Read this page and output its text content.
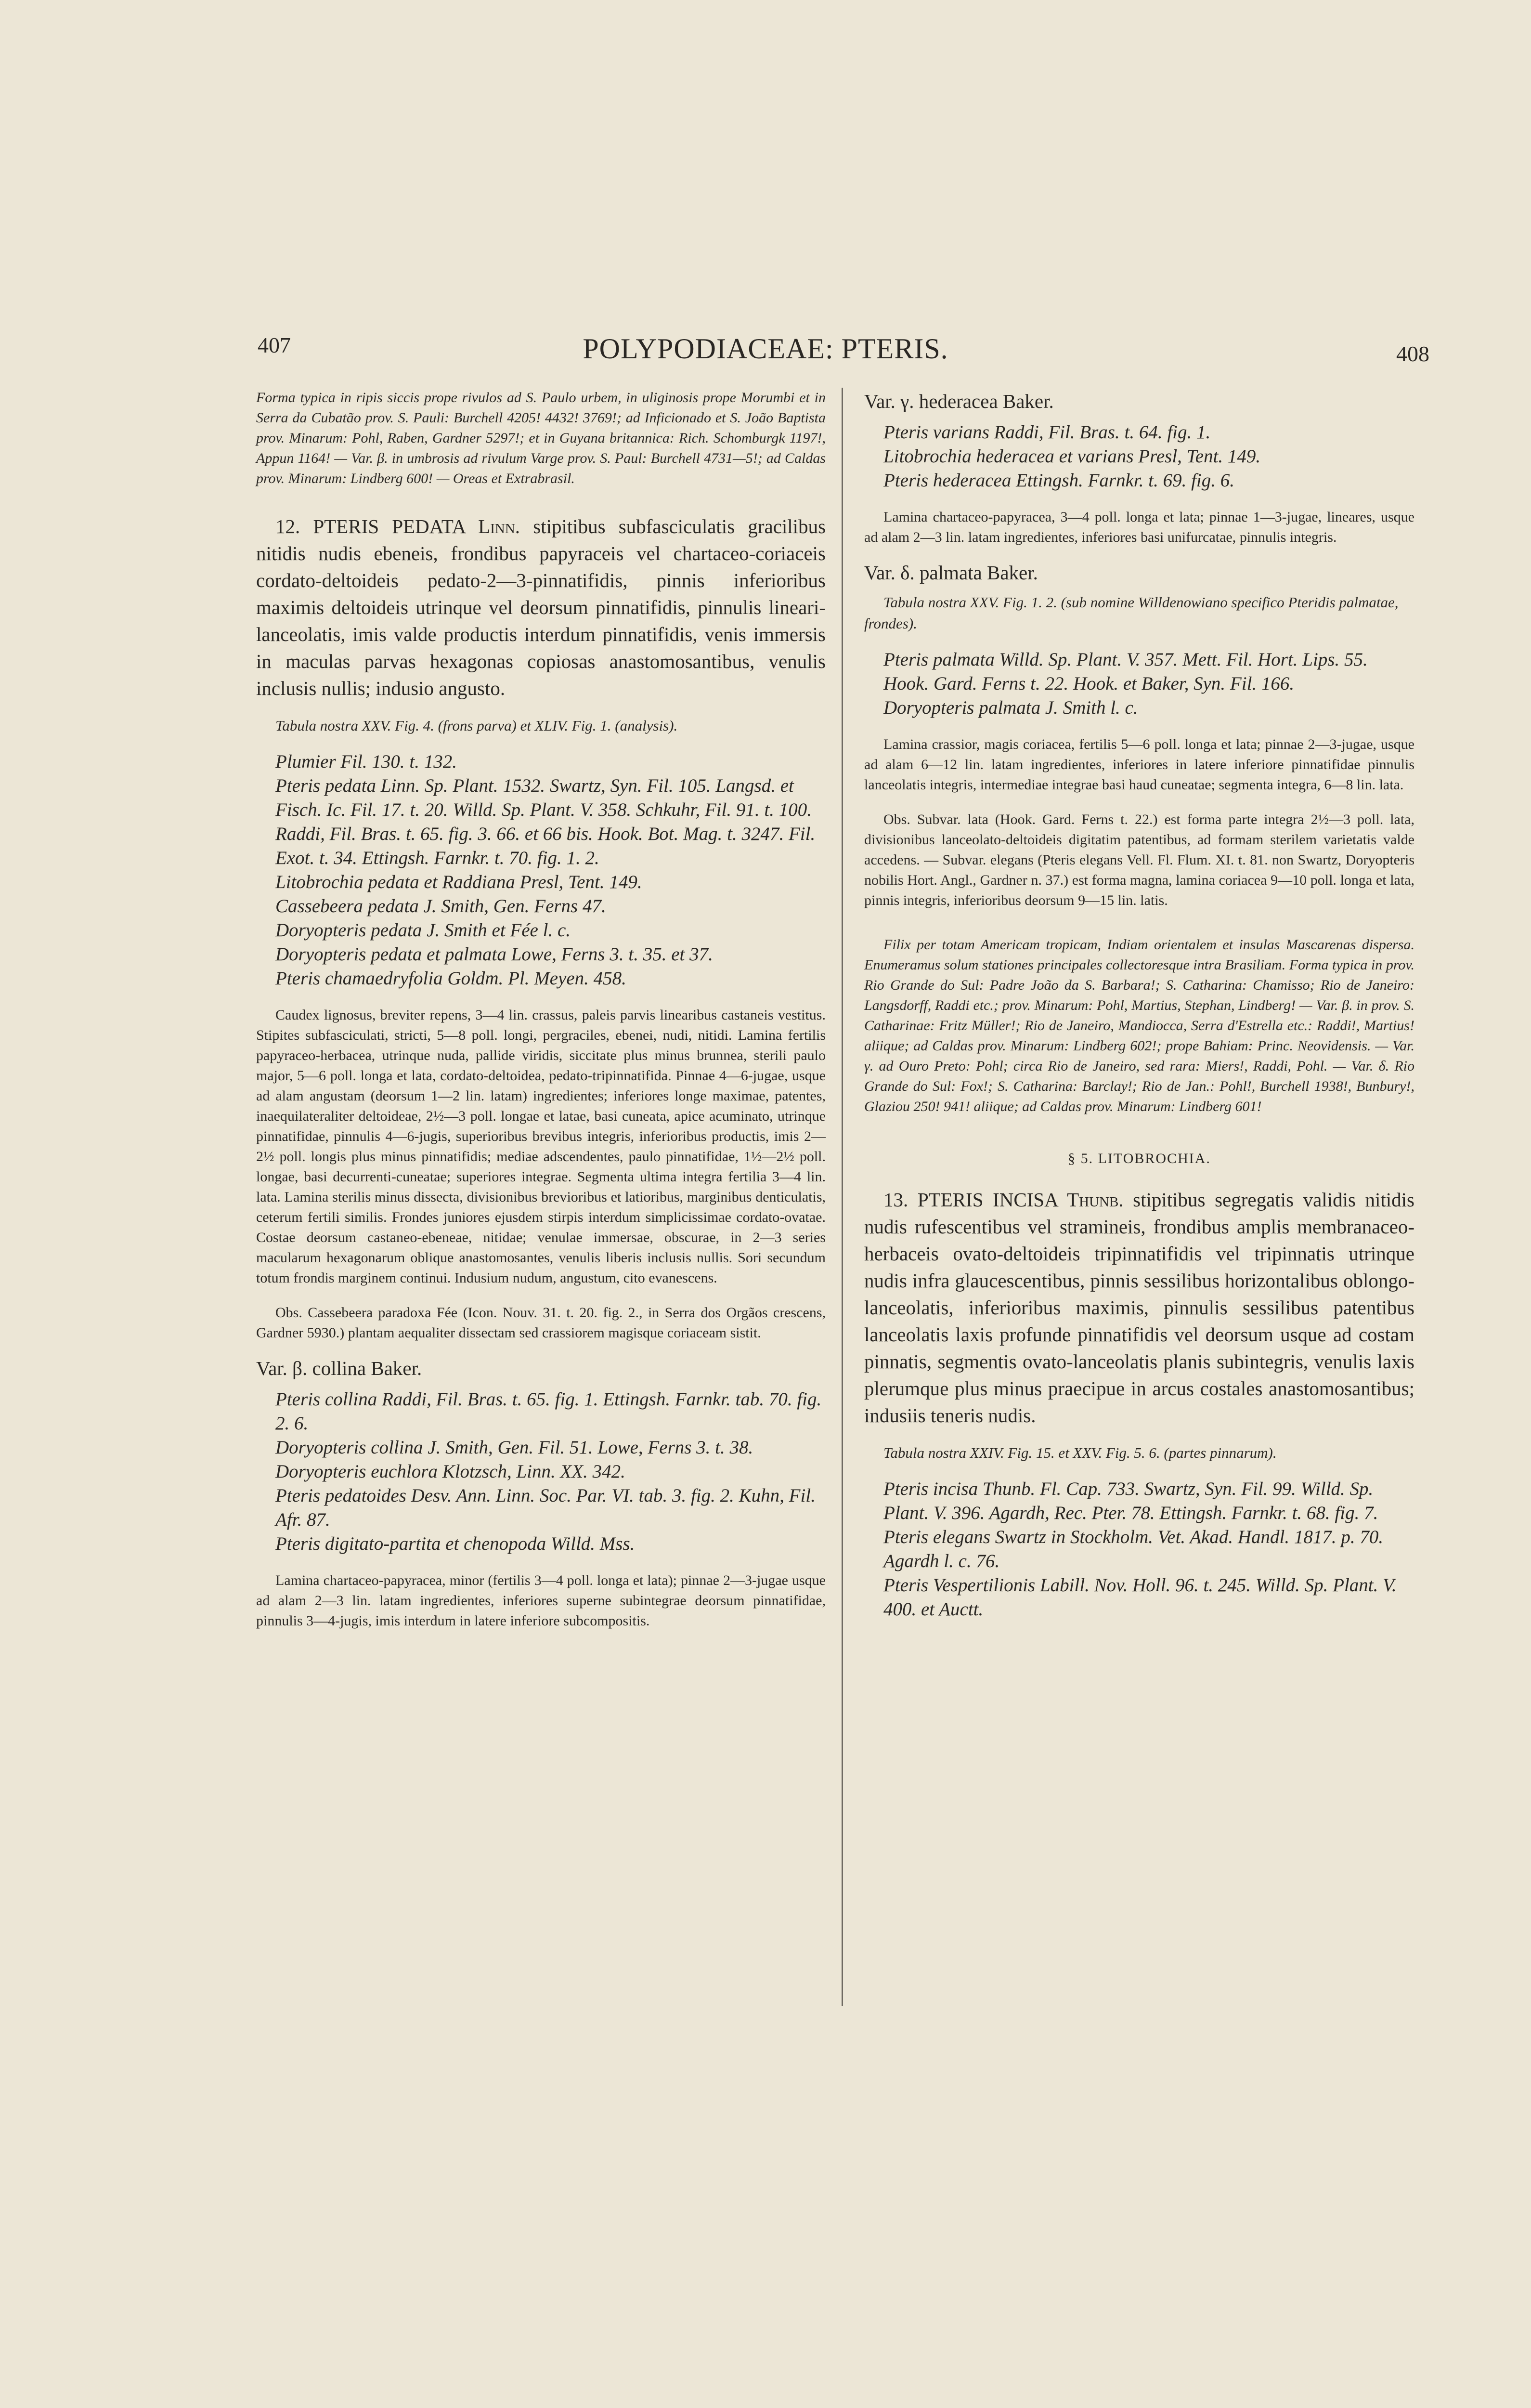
407	POLYPODIACEAE: PTERIS.	408

Forma typica in ripis siccis prope rivulos ad S. Paulo urbem, in uliginosis prope Morumbi et in Serra da Cubatão prov. S. Pauli: Burchell 4205! 4432! 3769!; ad Inficionado et S. João Baptista prov. Minarum: Pohl, Raben, Gardner 5297!; et in Guyana britannica: Rich. Schomburgk 1197!, Appun 1164! — Var. β. in umbrosis ad rivulum Varge prov. S. Paul: Burchell 4731—5!; ad Caldas prov. Minarum: Lindberg 600! — Oreas et Extrabrasil.

12. PTERIS PEDATA Linn. stipitibus subfasciculatis gracilibus nitidis nudis ebeneis, frondibus papyraceis vel chartaceo-coriaceis cordato-deltoideis pedato-2—3-pinnatifidis, pinnis inferioribus maximis deltoideis utrinque vel deorsum pinnatifidis, pinnulis lineari-lanceolatis, imis valde productis interdum pinnatifidis, venis immersis in maculas parvas hexagonas copiosas anastomosantibus, venulis inclusis nullis; indusio angusto.

Tabula nostra XXV. Fig. 4. (frons parva) et XLIV. Fig. 1. (analysis).

Plumier Fil. 130. t. 132.

Pteris pedata Linn. Sp. Plant. 1532. Swartz, Syn. Fil. 105. Langsd. et Fisch. Ic. Fil. 17. t. 20. Willd. Sp. Plant. V. 358. Schkuhr, Fil. 91. t. 100. Raddi, Fil. Bras. t. 65. fig. 3. 66. et 66 bis. Hook. Bot. Mag. t. 3247. Fil. Exot. t. 34. Ettingsh. Farnkr. t. 70. fig. 1. 2.

Litobrochia pedata et Raddiana Presl, Tent. 149.

Cassebeera pedata J. Smith, Gen. Ferns 47.

Doryopteris pedata J. Smith et Fée l. c.

Doryopteris pedata et palmata Lowe, Ferns 3. t. 35. et 37.

Pteris chamaedryfolia Goldm. Pl. Meyen. 458.

Caudex lignosus, breviter repens, 3—4 lin. crassus, paleis parvis linearibus castaneis vestitus. Stipites subfasciculati, stricti, 5—8 poll. longi, pergraciles, ebenei, nudi, nitidi. Lamina fertilis papyraceo-herbacea, utrinque nuda, pallide viridis, siccitate plus minus brunnea, sterili paulo major, 5—6 poll. longa et lata, cordato-deltoidea, pedato-tripinnatifida. Pinnae 4—6-jugae, usque ad alam angustam (deorsum 1—2 lin. latam) ingredientes; inferiores longe maximae, patentes, inaequilateraliter deltoideae, 2½—3 poll. longae et latae, basi cuneata, apice acuminato, utrinque pinnatifidae, pinnulis 4—6-jugis, superioribus brevibus integris, inferioribus productis, imis 2—2½ poll. longis plus minus pinnatifidis; mediae adscendentes, paulo pinnatifidae, 1½—2½ poll. longae, basi decurrenti-cuneatae; superiores integrae. Segmenta ultima integra fertilia 3—4 lin. lata. Lamina sterilis minus dissecta, divisionibus brevioribus et latioribus, marginibus denticulatis, ceterum fertili similis. Frondes juniores ejusdem stirpis interdum simplicissimae cordato-ovatae. Costae deorsum castaneo-ebeneae, nitidae; venulae immersae, obscurae, in 2—3 series macularum hexagonarum oblique anastomosantes, venulis liberis inclusis nullis. Sori secundum totum frondis marginem continui. Indusium nudum, angustum, cito evanescens.

Obs. Cassebeera paradoxa Fée (Icon. Nouv. 31. t. 20. fig. 2., in Serra dos Orgãos crescens, Gardner 5930.) plantam aequaliter dissectam sed crassiorem magisque coriaceam sistit.

Var. β. collina Baker.

Pteris collina Raddi, Fil. Bras. t. 65. fig. 1. Ettingsh. Farnkr. tab. 70. fig. 2. 6.

Doryopteris collina J. Smith, Gen. Fil. 51. Lowe, Ferns 3. t. 38.

Doryopteris euchlora Klotzsch, Linn. XX. 342.

Pteris pedatoides Desv. Ann. Linn. Soc. Par. VI. tab. 3. fig. 2. Kuhn, Fil. Afr. 87.

Pteris digitato-partita et chenopoda Willd. Mss.

Lamina chartaceo-papyracea, minor (fertilis 3—4 poll. longa et lata); pinnae 2—3-jugae usque ad alam 2—3 lin. latam ingredientes, inferiores superne subintegrae deorsum pinnatifidae, pinnulis 3—4-jugis, imis interdum in latere inferiore subcompositis.

Var. γ. hederacea Baker.

Pteris varians Raddi, Fil. Bras. t. 64. fig. 1.

Litobrochia hederacea et varians Presl, Tent. 149.

Pteris hederacea Ettingsh. Farnkr. t. 69. fig. 6.

Lamina chartaceo-papyracea, 3—4 poll. longa et lata; pinnae 1—3-jugae, lineares, usque ad alam 2—3 lin. latam ingredientes, inferiores basi unifurcatae, pinnulis integris.

Var. δ. palmata Baker.

Tabula nostra XXV. Fig. 1. 2. (sub nomine Willdenowiano specifico Pteridis palmatae, frondes).

Pteris palmata Willd. Sp. Plant. V. 357. Mett. Fil. Hort. Lips. 55. Hook. Gard. Ferns t. 22. Hook. et Baker, Syn. Fil. 166.

Doryopteris palmata J. Smith l. c.

Lamina crassior, magis coriacea, fertilis 5—6 poll. longa et lata; pinnae 2—3-jugae, usque ad alam 6—12 lin. latam ingredientes, inferiores in latere inferiore pinnatifidae pinnulis lanceolatis integris, intermediae integrae basi haud cuneatae; segmenta integra, 6—8 lin. lata.

Obs. Subvar. lata (Hook. Gard. Ferns t. 22.) est forma parte integra 2½—3 poll. lata, divisionibus lanceolato-deltoideis digitatim patentibus, ad formam sterilem varietatis valde accedens. — Subvar. elegans (Pteris elegans Vell. Fl. Flum. XI. t. 81. non Swartz, Doryopteris nobilis Hort. Angl., Gardner n. 37.) est forma magna, lamina coriacea 9—10 poll. longa et lata, pinnis integris, inferioribus deorsum 9—15 lin. latis.

Filix per totam Americam tropicam, Indiam orientalem et insulas Mascarenas dispersa. Enumeramus solum stationes principales collectoresque intra Brasiliam. Forma typica in prov. Rio Grande do Sul: Padre João da S. Barbara!; S. Catharina: Chamisso; Rio de Janeiro: Langsdorff, Raddi etc.; prov. Minarum: Pohl, Martius, Stephan, Lindberg! — Var. β. in prov. S. Catharinae: Fritz Müller!; Rio de Janeiro, Mandiocca, Serra d'Estrella etc.: Raddi!, Martius! aliique; ad Caldas prov. Minarum: Lindberg 602!; prope Bahiam: Princ. Neovidensis. — Var. γ. ad Ouro Preto: Pohl; circa Rio de Janeiro, sed rara: Miers!, Raddi, Pohl. — Var. δ. Rio Grande do Sul: Fox!; S. Catharina: Barclay!; Rio de Jan.: Pohl!, Burchell 1938!, Bunbury!, Glaziou 250! 941! aliique; ad Caldas prov. Minarum: Lindberg 601!

§ 5. LITOBROCHIA.

13. PTERIS INCISA Thunb. stipitibus segregatis validis nitidis nudis rufescentibus vel stramineis, frondibus amplis membranaceo-herbaceis ovato-deltoideis tripinnatifidis vel tripinnatis utrinque nudis infra glaucescentibus, pinnis sessilibus horizontalibus oblongo-lanceolatis, inferioribus maximis, pinnulis sessilibus patentibus lanceolatis laxis profunde pinnatifidis vel deorsum usque ad costam pinnatis, segmentis ovato-lanceolatis planis subintegris, venulis laxis plerumque plus minus praecipue in arcus costales anastomosantibus; indusiis teneris nudis.

Tabula nostra XXIV. Fig. 15. et XXV. Fig. 5. 6. (partes pinnarum).

Pteris incisa Thunb. Fl. Cap. 733. Swartz, Syn. Fil. 99. Willd. Sp. Plant. V. 396. Agardh, Rec. Pter. 78. Ettingsh. Farnkr. t. 68. fig. 7.

Pteris elegans Swartz in Stockholm. Vet. Akad. Handl. 1817. p. 70. Agardh l. c. 76.

Pteris Vespertilionis Labill. Nov. Holl. 96. t. 245. Willd. Sp. Plant. V. 400. et Auctt.
